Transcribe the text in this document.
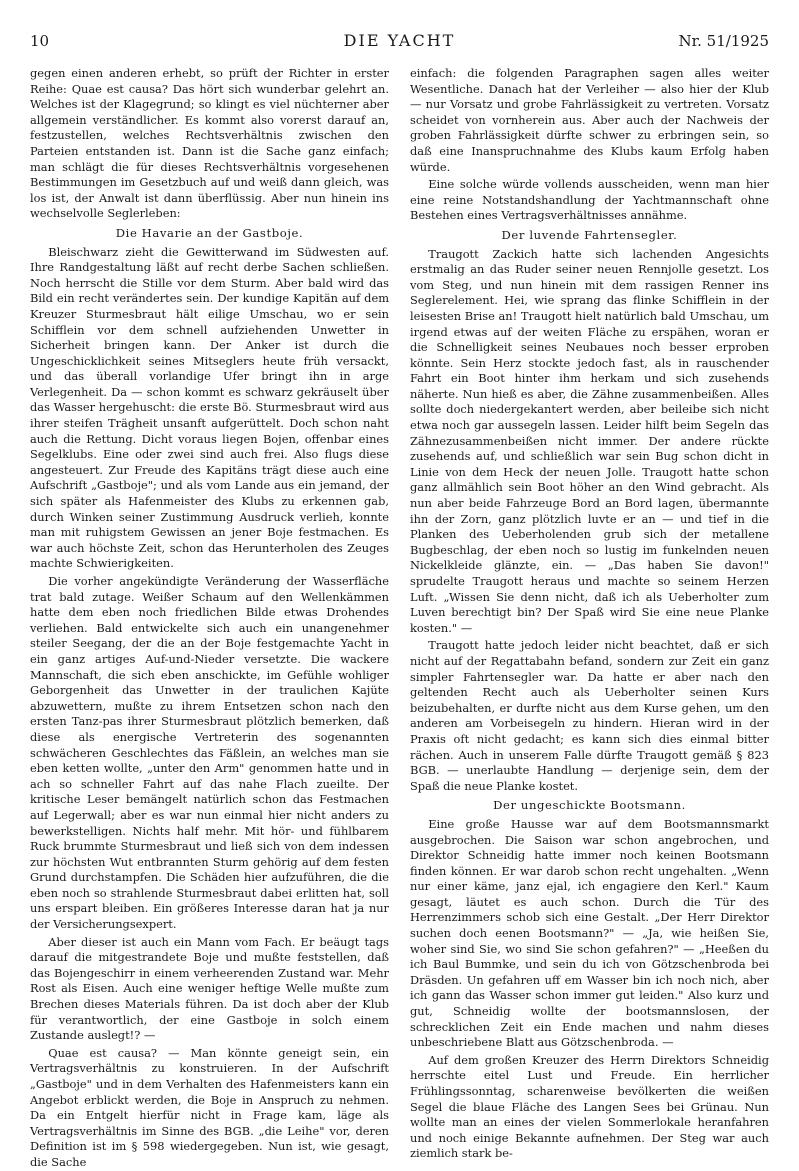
10	DIE YACHT	Nr. 51/1925

gegen einen anderen erhebt, so prüft der Richter in erster Reihe: Quae est causa? Das hört sich wunderbar gelehrt an. Welches ist der Klagegrund; so klingt es viel nüchterner aber allgemein verständlicher. Es kommt also vorerst darauf an, festzustellen, welches Rechtsverhältnis zwischen den Parteien entstanden ist. Dann ist die Sache ganz einfach; man schlägt die für dieses Rechtsverhältnis vorgesehenen Bestimmungen im Gesetzbuch auf und weiß dann gleich, was los ist, der Anwalt ist dann überflüssig. Aber nun hinein ins wechselvolle Seglerleben:

Die Havarie an der Gastboje.

Bleischwarz zieht die Gewitterwand im Südwesten auf. Ihre Randgestaltung läßt auf recht derbe Sachen schließen. Noch herrscht die Stille vor dem Sturm. Aber bald wird das Bild ein recht verändertes sein. Der kundige Kapitän auf dem Kreuzer Sturmesbraut hält eilige Umschau, wo er sein Schifflein vor dem schnell aufziehenden Unwetter in Sicherheit bringen kann. Der Anker ist durch die Ungeschicklichkeit seines Mitseglers heute früh versackt, und das überall vorlandige Ufer bringt ihn in arge Verlegenheit. Da — schon kommt es schwarz gekräuselt über das Wasser hergehuscht: die erste Bö. Sturmesbraut wird aus ihrer steifen Trägheit unsanft aufgerüttelt. Doch schon naht auch die Rettung. Dicht voraus liegen Bojen, offenbar eines Segelklubs. Eine oder zwei sind auch frei. Also flugs diese angesteuert. Zur Freude des Kapitäns trägt diese auch eine Aufschrift „Gastboje"; und als vom Lande aus ein jemand, der sich später als Hafenmeister des Klubs zu erkennen gab, durch Winken seiner Zustimmung Ausdruck verlieh, konnte man mit ruhigstem Gewissen an jener Boje festmachen. Es war auch höchste Zeit, schon das Herunterholen des Zeuges machte Schwierigkeiten.

Die vorher angekündigte Veränderung der Wasserfläche trat bald zutage. Weißer Schaum auf den Wellenkämmen hatte dem eben noch friedlichen Bilde etwas Drohendes verliehen. Bald entwickelte sich auch ein unangenehmer steiler Seegang, der die an der Boje festgemachte Yacht in ein ganz artiges Auf-und-Nieder versetzte. Die wackere Mannschaft, die sich eben anschickte, im Gefühle wohliger Geborgenheit das Unwetter in der traulichen Kajüte abzuwettern, mußte zu ihrem Entsetzen schon nach den ersten Tanz-pas ihrer Sturmesbraut plötzlich bemerken, daß diese als energische Vertreterin des sogenannten schwächeren Geschlechtes das Fäßlein, an welches man sie eben ketten wollte, „unter den Arm" genommen hatte und in ach so schneller Fahrt auf das nahe Flach zueilte. Der kritische Leser bemängelt natürlich schon das Festmachen auf Legerwall; aber es war nun einmal hier nicht anders zu bewerkstelligen. Nichts half mehr. Mit hör- und fühlbarem Ruck brummte Sturmesbraut und ließ sich von dem indessen zur höchsten Wut entbrannten Sturm gehörig auf dem festen Grund durchstampfen. Die Schäden hier aufzuführen, die die eben noch so strahlende Sturmesbraut dabei erlitten hat, soll uns erspart bleiben. Ein größeres Interesse daran hat ja nur der Versicherungsexpert.

Aber dieser ist auch ein Mann vom Fach. Er beäugt tags darauf die mitgestrandete Boje und mußte feststellen, daß das Bojengeschirr in einem verheerenden Zustand war. Mehr Rost als Eisen. Auch eine weniger heftige Welle mußte zum Brechen dieses Materials führen. Da ist doch aber der Klub für verantwortlich, der eine Gastboje in solch einem Zustande auslegt!? —

Quae est causa? — Man könnte geneigt sein, ein Vertragsverhältnis zu konstruieren. In der Aufschrift „Gastboje" und in dem Verhalten des Hafenmeisters kann ein Angebot erblickt werden, die Boje in Anspruch zu nehmen. Da ein Entgelt hierfür nicht in Frage kam, läge als Vertragsverhältnis im Sinne des BGB. „die Leihe" vor, deren Definition ist im § 598 wiedergegeben. Nun ist, wie gesagt, die Sache

einfach: die folgenden Paragraphen sagen alles weiter Wesentliche. Danach hat der Verleiher — also hier der Klub — nur Vorsatz und grobe Fahrlässigkeit zu vertreten. Vorsatz scheidet von vornherein aus. Aber auch der Nachweis der groben Fahrlässigkeit dürfte schwer zu erbringen sein, so daß eine Inanspruchnahme des Klubs kaum Erfolg haben würde.

Eine solche würde vollends ausscheiden, wenn man hier eine reine Notstandshandlung der Yachtmannschaft ohne Bestehen eines Vertragsverhältnisses annähme.

Der luvende Fahrtensegler.

Traugott Zackich hatte sich lachenden Angesichts erstmalig an das Ruder seiner neuen Rennjolle gesetzt. Los vom Steg, und nun hinein mit dem rassigen Renner ins Seglerelement. Hei, wie sprang das flinke Schifflein in der leisesten Brise an! Traugott hielt natürlich bald Umschau, um irgend etwas auf der weiten Fläche zu erspähen, woran er die Schnelligkeit seines Neubaues noch besser erproben könnte. Sein Herz stockte jedoch fast, als in rauschender Fahrt ein Boot hinter ihm herkam und sich zusehends näherte. Nun hieß es aber, die Zähne zusammenbeißen. Alles sollte doch niedergekantert werden, aber beileibe sich nicht etwa noch gar aussegeln lassen. Leider hilft beim Segeln das Zähnezusammenbeißen nicht immer. Der andere rückte zusehends auf, und schließlich war sein Bug schon dicht in Linie von dem Heck der neuen Jolle. Traugott hatte schon ganz allmählich sein Boot höher an den Wind gebracht. Als nun aber beide Fahrzeuge Bord an Bord lagen, übermannte ihn der Zorn, ganz plötzlich luvte er an — und tief in die Planken des Ueberholenden grub sich der metallene Bugbeschlag, der eben noch so lustig im funkelnden neuen Nickelkleide glänzte, ein. — „Das haben Sie davon!" sprudelte Traugott heraus und machte so seinem Herzen Luft. „Wissen Sie denn nicht, daß ich als Ueberholter zum Luven berechtigt bin? Der Spaß wird Sie eine neue Planke kosten." —

Traugott hatte jedoch leider nicht beachtet, daß er sich nicht auf der Regattabahn befand, sondern zur Zeit ein ganz simpler Fahrtensegler war. Da hatte er aber nach den geltenden Recht auch als Ueberholter seinen Kurs beizubehalten, er durfte nicht aus dem Kurse gehen, um den anderen am Vorbeisegeln zu hindern. Hieran wird in der Praxis oft nicht gedacht; es kann sich dies einmal bitter rächen. Auch in unserem Falle dürfte Traugott gemäß § 823 BGB. — unerlaubte Handlung — derjenige sein, dem der Spaß die neue Planke kostet.

Der ungeschickte Bootsmann.

Eine große Hausse war auf dem Bootsmannsmarkt ausgebrochen. Die Saison war schon angebrochen, und Direktor Schneidig hatte immer noch keinen Bootsmann finden können. Er war darob schon recht ungehalten. „Wenn nur einer käme, janz ejal, ich engagiere den Kerl." Kaum gesagt, läutet es auch schon. Durch die Tür des Herrenzimmers schob sich eine Gestalt. „Der Herr Direktor suchen doch eenen Bootsmann?" — „Ja, wie heißen Sie, woher sind Sie, wo sind Sie schon gefahren?" — „Heeßen du ich Baul Bummke, und sein du ich von Götzschenbroda bei Dräsden. Un gefahren uff em Wasser bin ich noch nich, aber ich gann das Wasser schon immer gut leiden." Also kurz und gut, Schneidig wollte der bootsmannslosen, der schrecklichen Zeit ein Ende machen und nahm dieses unbeschriebene Blatt aus Götzschenbroda. —

Auf dem großen Kreuzer des Herrn Direktors Schneidig herrschte eitel Lust und Freude. Ein herrlicher Frühlingssonntag, scharenweise bevölkerten die weißen Segel die blaue Fläche des Langen Sees bei Grünau. Nun wollte man an eines der vielen Sommerlokale heranfahren und noch einige Bekannte aufnehmen. Der Steg war auch ziemlich stark be-
